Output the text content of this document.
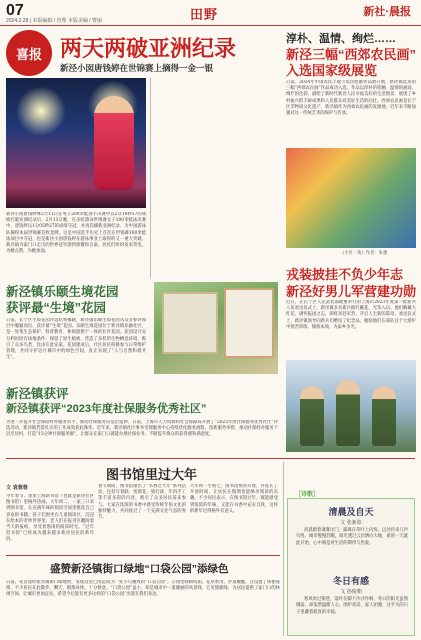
07
2024.2.28 | 本版编辑 / 管理 本版美编 / 曹丽	田野	新社·晨报
喜报 两天两破亚洲纪录
新泾小囡唐钱婷在世锦赛上摘得一金一银
新泾小囡唐钱婷继2月11日在男子200米蛙泳半决赛中以2分19秒57的成绩打破亚洲纪录后，2月13日晚，在多哈游泳世锦赛女子100米蛙泳决赛中，唐钱婷以1分05秒27的成绩夺冠，并再次刷新亚洲纪录，为中国游泳队摘得本届世锦赛首枚金牌。这是中国选手历史上首次在世锦赛100米蛙泳项目中夺冠，也是新泾小囡唐钱婷在游泳事业上取得的又一重大突破。新泾镇为家门口走出的世界冠军感到骄傲和自豪，居民们纷纷发来贺电，为她点赞，为她加油。
新泾镇乐颐生境花园
获评最“生境”花园
日前，长宁区生境花园评选结果揭晓，新泾镇乐颐生境花园从众多参评项目中脱颖而出，获评最“生境”花园。乐颐生境花园位于新泾镇乐颐社区，是一处集生态保护、科普教育、休闲游憩于一体的社区花园。花园设计充分利用原有场地条件，保留了原生植被，营造了多样的生物栖息环境，吸引了众多鸟类、昆虫在此安家。花园建成后，社区居民积极参与日常维护管理，共同守护这片城市中的绿色空间，真正实现了“人与自然和谐共生”。
新泾镇获评
新泾镇获评“2023年度社保服务优秀社区”
为进一步提升社会保险经办服务水平，推动社保服务向基层延伸，日前，上海市人力资源和社会保障局开展了“2023年度社保服务优秀社区”评选活动，新泾镇凭借扎实的工作成效获此殊荣。近年来，新泾镇社区事务受理服务中心持续优化服务流程，创新服务举措，推动社保经办服务下沉至居村，打造“15分钟社保服务圈”，让群众在家门口就能办理社保业务，不断提升群众的获得感和满意度。
淳朴、温情、绚烂……
新泾三幅“西郊农民画”
入选国家级展览
日前，2024年中国农民丰收节农民绘画作品展开展，新泾镇选送的三幅“西郊农民画”作品成功入选。作品以淳朴的笔触、温情的画面、绚烂的色彩，描绘了新时代新泾人民幸福美好的生活图景，展现了乡村振兴的丰硕成果和人民群众对美好生活的向往。西郊农民画是长宁区非物质文化遗产，新泾镇作为西郊农民画的发源地，近年来不断加强对这一传统艺术的保护与传承。
《小区一角》作者：朱蕾
戎装披挂不负少年志
新泾好男儿军营建功勋
近日，在长宁区人民武装部隆重举行的上海市2023年度第一批新兵人伍欢送仪式上，新泾镇多名新兵披红戴花，光荣入伍。他们胸戴大红花，满怀报国之志，即将奔赴军营，开启人生新的篇章。欢送仪式上，新泾镇领导向新兵们赠送了纪念品，勉励他们在部队这个大熔炉中刻苦训练、锤炼本领，为家乡争光。
图书馆里过大年
文 袁蓉蓉
今年春节，蛋蛋上海新书馆（也就是新泾社区图书馆）里格外热闹。大年初二，一家三口来到图书馆，在充满年味的阅读空间里挑选自己喜欢的书籍。孩子们围坐在儿童阅读区，沉浸在绘本的奇妙世界里；老人们在报刊区翻阅着当天的报纸，享受着悠闲的阅读时光。“过年逛书馆”已经成为越来越多新泾居民的新年俗。
春节期间，图书馆推出了“书香过大年”系列活动，包括写春联、剪窗花、猜灯谜、年俗手工等丰富多彩的内容，吸引了众多居民前来参与。大家在浓浓的书香中感受传统年俗文化的独特魅力，共同度过了一个充满文化气息的春节。
大年初一至初七，图书馆照常开放，并延长了开放时间，让居民在假期也能畅享阅读的乐趣。不少居民表示，在图书馆过年，既能感受到浓浓的年味，又能在书香中充实自我，这样的新年过得格外有意义。
盛赞新泾镇街口绿地“口袋公园”添绿色
日前，笔者途经新泾镇街口绿地时，发现这里已改造成为一处小巧精致的“口袋公园”。公园里绿树成荫、花草繁茂，步道蜿蜒，还设置了休憩座椅，不少居民在此散步、聊天、锻炼身体，十分惬意。“口袋公园”虽小，却是城市中一道靓丽的风景线，它见缝插绿，为居民提供了家门口的休闲空间，让城市更加宜居。希望今后能有更多这样的“口袋公园”出现在我们身边。
［诗歌］
清晨及自天
文 张新影
清晨踏着薄雾出门，露珠在草叶上闪烁，远处传来几声鸟鸣，城市慢慢苏醒。阳光透过云层洒向大地，新的一天就此开始，心中满是对生活的期待与热爱。
冬日有感
文 孙俊朝
寒风吹过街巷，落叶在脚下沙沙作响，冬日的阳光虽然微弱，却依然温暖人心。围炉夜话，家人团聚，这平凡的日子里藏着最真的幸福。
